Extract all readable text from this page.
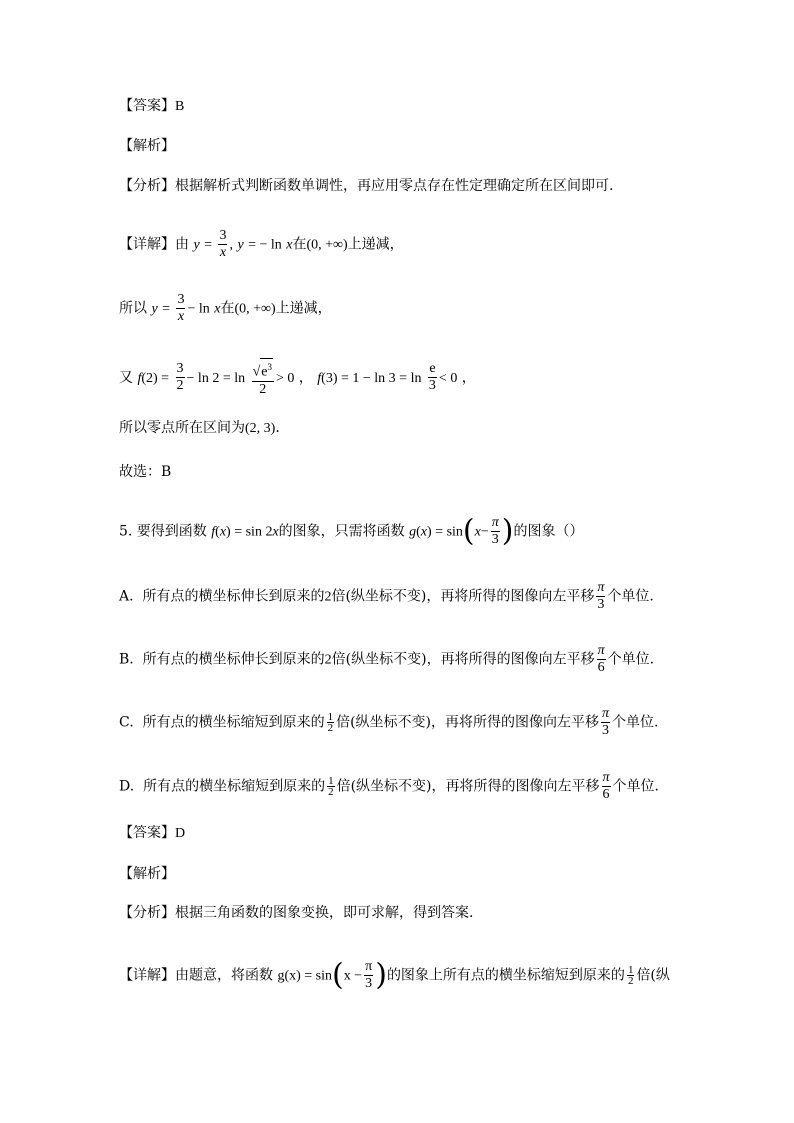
【答案】B
【解析】
【分析】根据解析式判断函数单调性，再应用零点存在性定理确定所在区间即可.
【详解】由 $y = \frac{3}{x}$ , y = − ln x在(0, +∞)上递减，
所以 $y = \frac{3}{x} - \ln x$在(0, +∞)上递减，
又 $f(2) = \frac{3}{2} - \ln 2 = \ln \frac{√e^3}{2} > 0$ ， $f(3) = 1 - \ln 3 = \ln \frac{e}{3} < 0$ ，
所以零点所在区间为(2, 3).
故选：B
5. 要得到函数 f(x) = sin 2x的图象，只需将函数 $g(x) = \sin(x- \frac{\pi}{3}$ )的图象（）
A. 所有点的横坐标伸长到原来的2倍(纵坐标不变)，再将所得的图像向左平移 $\frac{\pi}{3}$ 个单位.
B. 所有点的横坐标伸长到原来的2倍(纵坐标不变)，再将所得的图像向左平移 $\frac{\pi}{6}$ 个单位.
C. 所有点的横坐标缩短到原来的 $\frac{1}{2}$ 倍(纵坐标不变)，再将所得的图像向左平移 $\frac{\pi}{3}$ 个单位.
D. 所有点的横坐标缩短到原来的 $\frac{1}{2}$ 倍(纵坐标不变)，再将所得的图像向左平移 $\frac{\pi}{6}$ 个单位.
【答案】D
【解析】
【分析】根据三角函数的图象变换，即可求解，得到答案.
【详解】由题意，将函数 $g(x) = \sin(x - \frac{\pi}{3}$ )的图象上所有点的横坐标缩短到原来的 $\frac{1}{2}$ 倍(纵
